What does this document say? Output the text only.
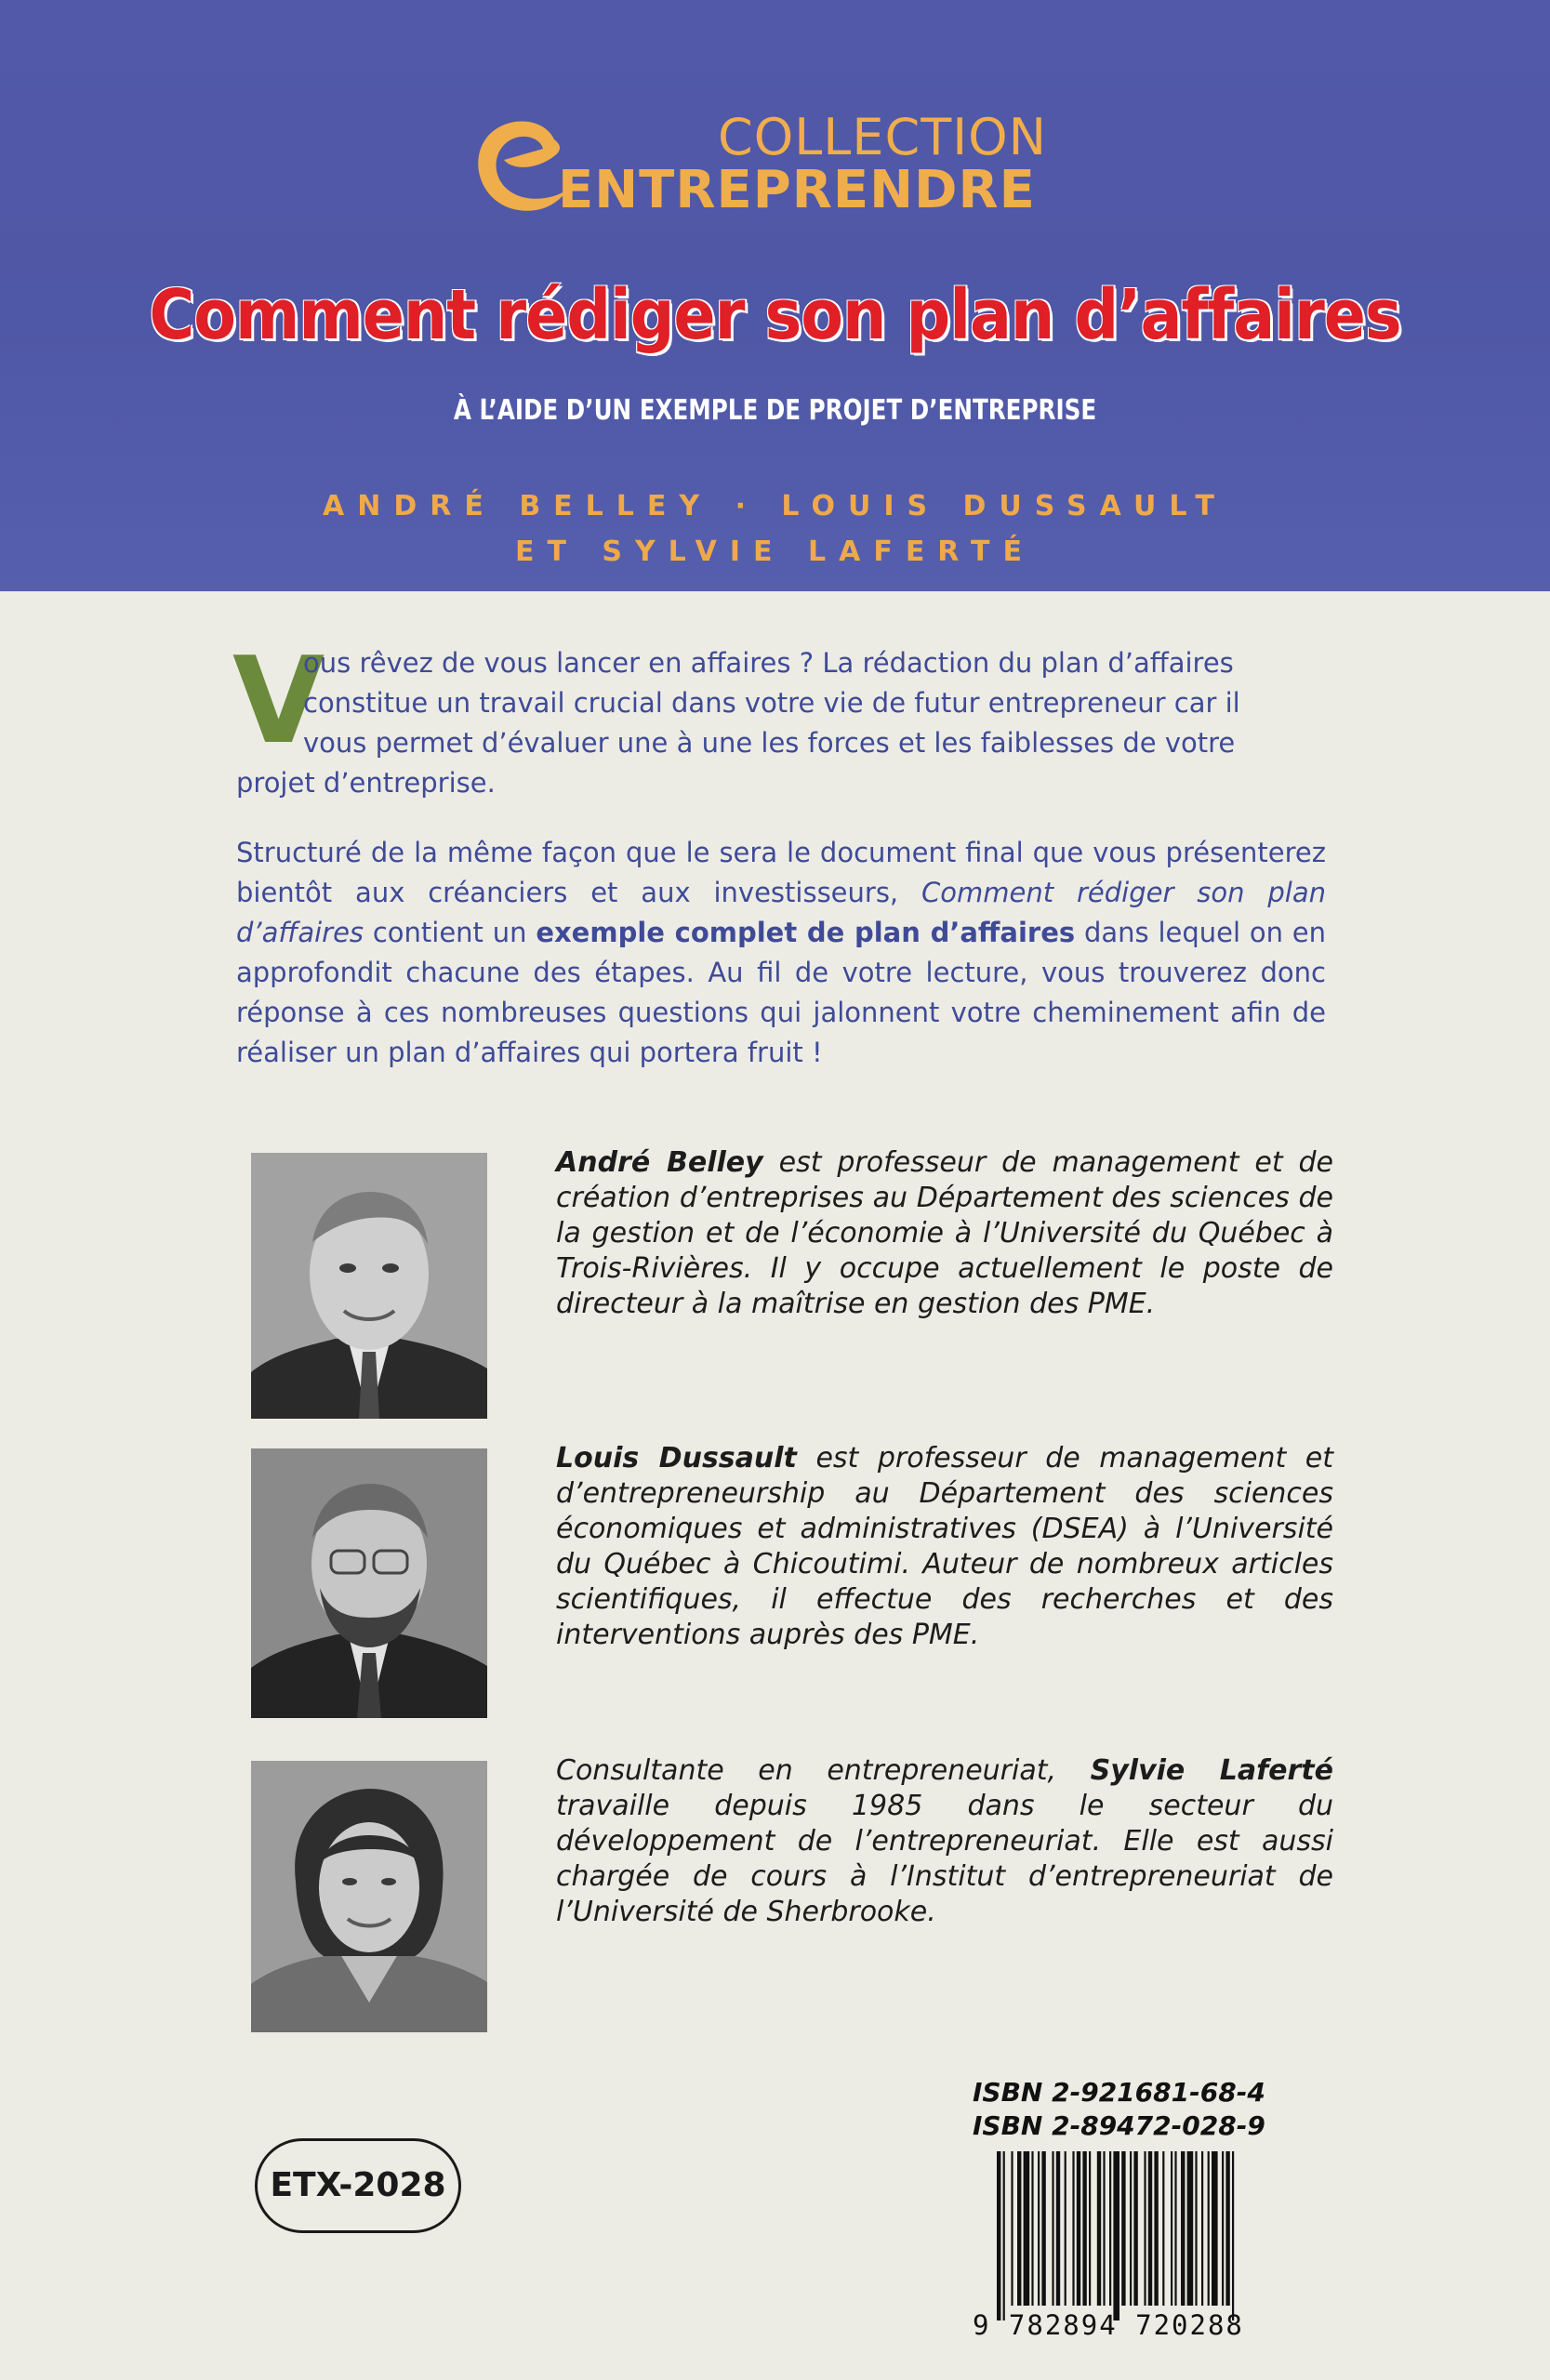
COLLECTION
ENTREPRENDRE
Comment rédiger son plan d’affaires
À L’AIDE D’UN EXEMPLE DE PROJET D’ENTREPRISE
ANDRÉ BELLEY · LOUIS DUSSAULT
ET SYLVIE LAFERTÉ
V

ous rêvez de vous lancer en affaires ? La rédaction du plan d’affaires
constitue un travail crucial dans votre vie de futur entrepreneur car il
vous permet d’évaluer une à une les forces et les faiblesses de votre
projet d’entreprise.

Structuré de la même façon que le sera le document final que vous présenterez bientôt aux créanciers et aux investisseurs, Comment rédiger son plan d’affaires contient un exemple complet de plan d’affaires dans lequel on en approfondit chacune des étapes. Au fil de votre lecture, vous trouverez donc réponse à ces nombreuses questions qui jalonnent votre cheminement afin de réaliser un plan d’affaires qui portera fruit !

André Belley est professeur de management et de création d’entreprises au Département des sciences de la gestion et de l’économie à l’Université du Québec à Trois-Rivières. Il y occupe actuellement le poste de directeur à la maîtrise en gestion des PME.

Louis Dussault est professeur de management et d’entrepreneurship au Département des sciences économiques et administratives (DSEA) à l’Université du Québec à Chicoutimi. Auteur de nombreux articles scientifiques, il effectue des recherches et des interventions auprès des PME.

Consultante en entrepreneuriat, Sylvie Laferté travaille depuis 1985 dans le secteur du développement de l’entrepreneuriat. Elle est aussi chargée de cours à l’Institut d’entrepreneuriat de l’Université de Sherbrooke.

ETX-2028
ISBN 2-921681-68-4
ISBN 2-89472-028-9
9 782894 720288
